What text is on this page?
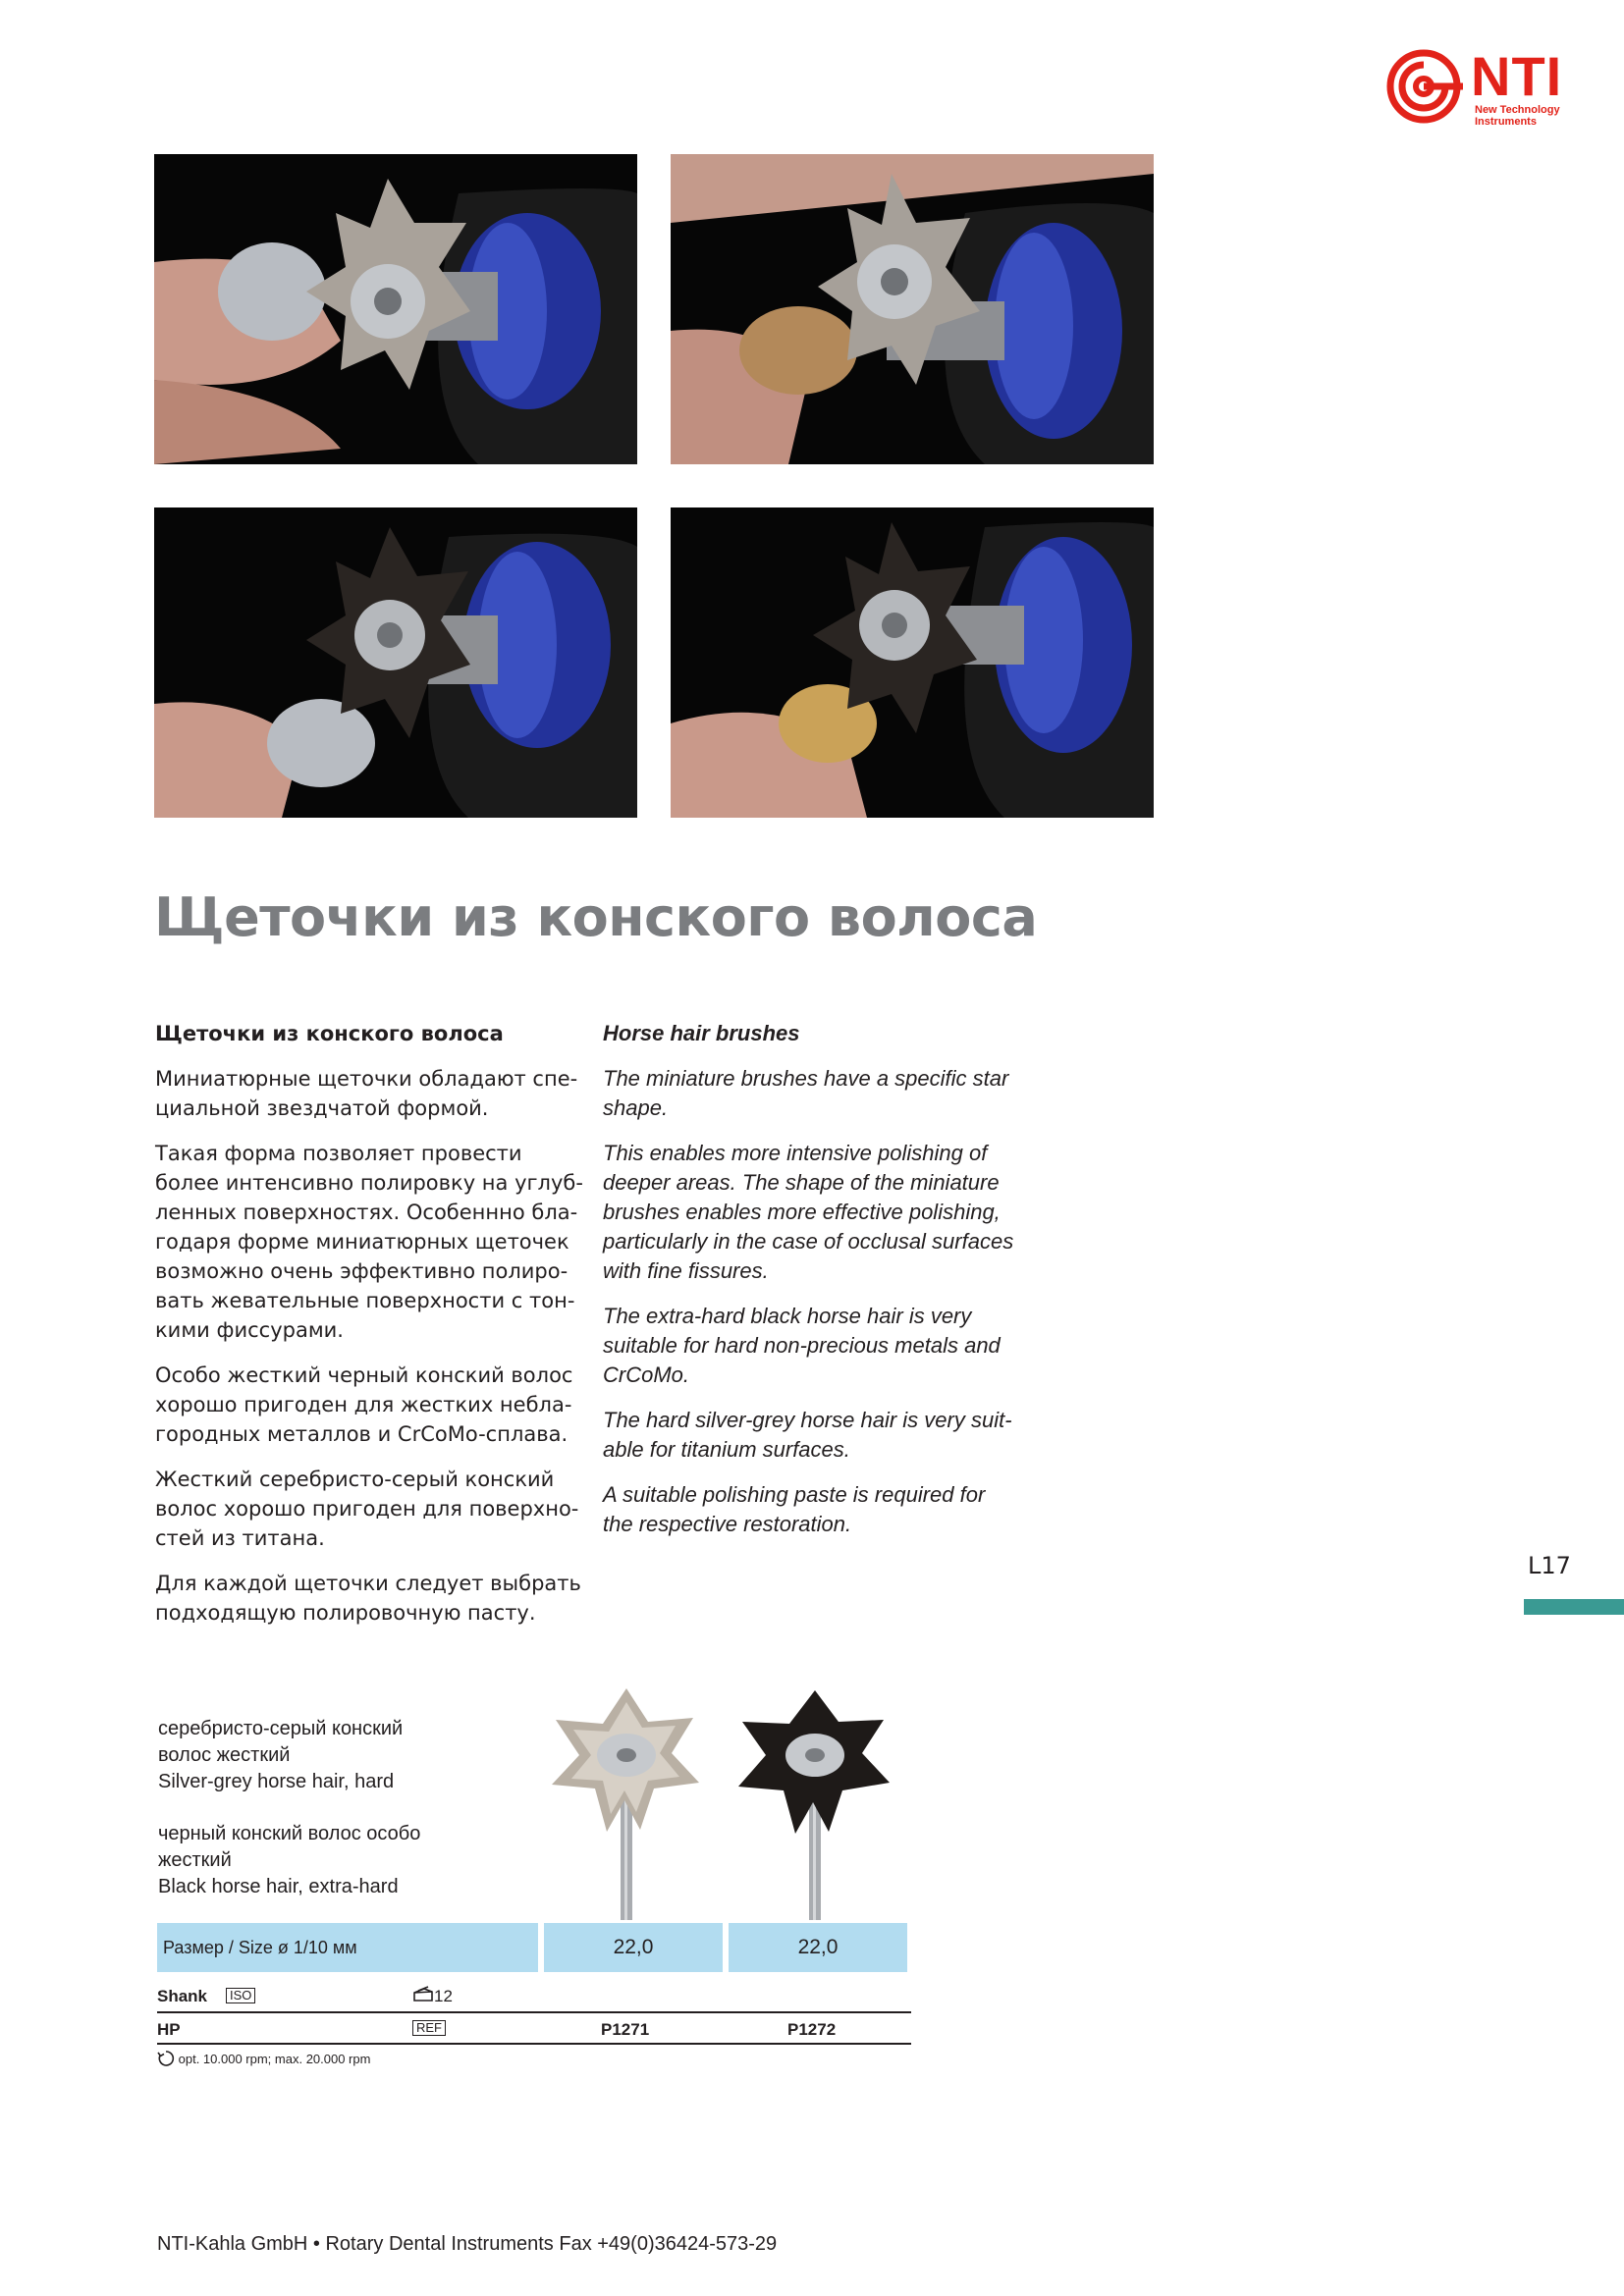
NTI
New Technology
Instruments
Щеточки из конского волоса
Щеточки из конского волоса

Миниатюрные щеточки обладают спе-
циальной звездчатой формой.

Такая форма позволяет провести
более интенсивно полировку на углуб-
ленных поверхностях. Особеннно бла-
годаря форме миниатюрных щеточек
возможно очень эффективно полиро-
вать жевательные поверхности с тон-
кими фиссурами.

Особо жесткий черный конский волос
хорошо пригоден для жестких небла-
городных металлов и CrCoMo-сплава.

Жесткий серебристо-серый конский
волос хорошо пригоден для поверхно-
стей из титана.

Для каждой щеточки следует выбрать
подходящую полировочную пасту.

Horse hair brushes

The miniature brushes have a specific star
shape.

This enables more intensive polishing of
deeper areas. The shape of the miniature
brushes enables more effective polishing,
particularly in the case of occlusal surfaces
with fine fissures.

The extra-hard black horse hair is very
suitable for hard non-precious metals and
CrCoMo.

The hard silver-grey horse hair is very suit-
able for titanium surfaces.

A suitable polishing paste is required for
the respective restoration.

L17
серебристо-серый конский
волос жесткий
Silver-grey horse hair, hard
черный конский волос особо
жесткий
Black horse hair, extra-hard
Размер / Size ø 1/10 мм	22,0	22,0
Shank	ISO	12
HP	REF	P1271	P1272
opt. 10.000 rpm; max. 20.000 rpm
NTI-Kahla GmbH • Rotary Dental Instruments Fax +49(0)36424-573-29
